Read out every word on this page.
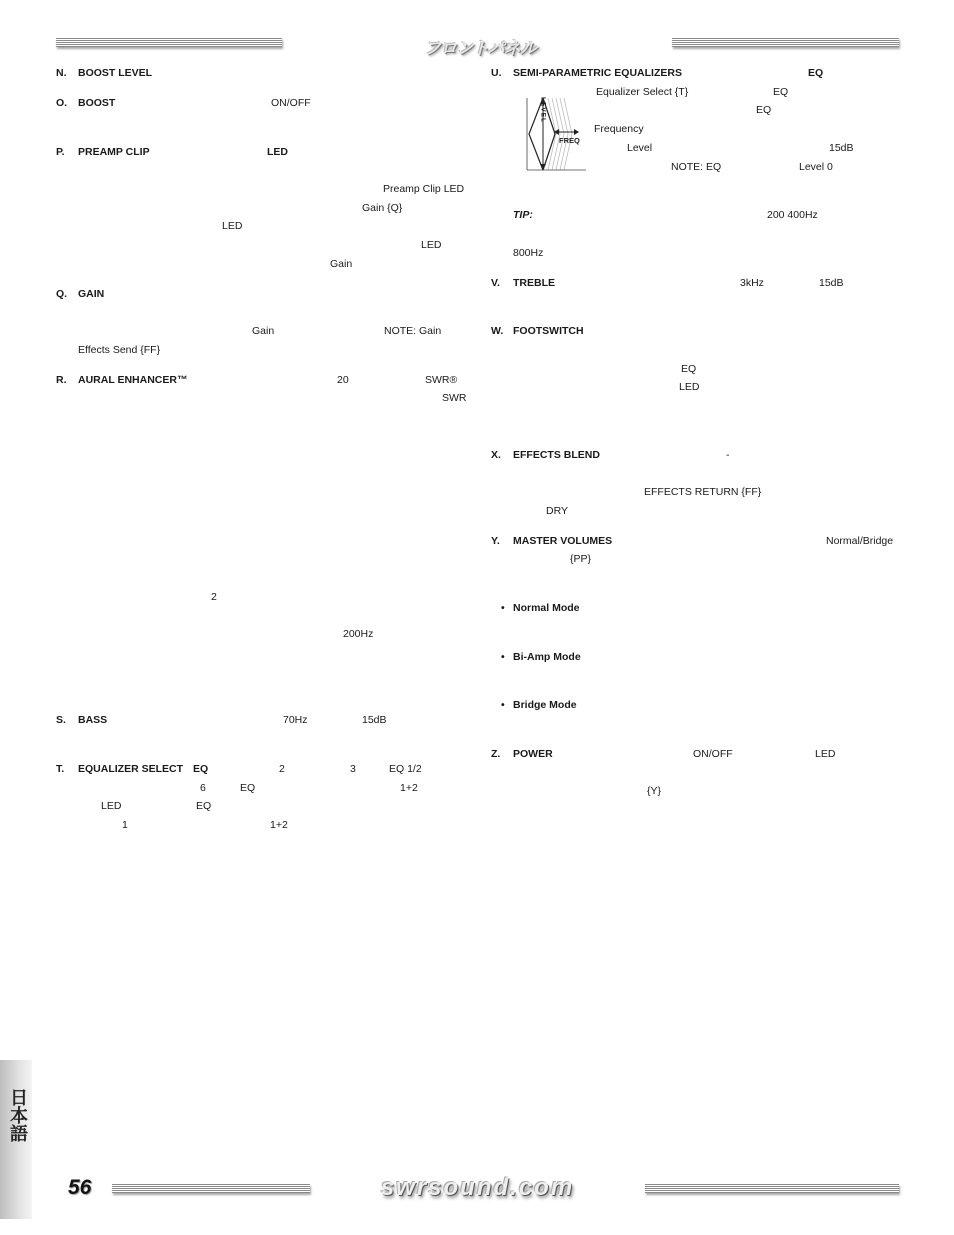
フロントパネル
N. BOOST LEVEL
O. BOOST	ON/OFF
P. PREAMP CLIP	LED
Preamp Clip LED
Gain {Q}
LED
LED
Gain
Q. GAIN
Gain	NOTE: Gain
Effects Send {FF}
R. AURAL ENHANCER™	20	SWR®
SWR
2
200Hz
S. BASS	70Hz	15dB
T. EQUALIZER SELECT EQ	2	3	EQ 1/2
6	EQ	1+2
LED	EQ
1	1+2
U. SEMI-PARAMETRIC EQUALIZERS	EQ
LEVEL
FREQ
Equalizer Select {T}	EQ
EQ
Frequency
Level	15dB
NOTE: EQ	Level 0
TIP:	200 400Hz
800Hz
V. TREBLE	3kHz	15dB
W. FOOTSWITCH
EQ
LED
X. EFFECTS BLEND	-
EFFECTS RETURN {FF}
DRY
Y. MASTER VOLUMES	Normal/Bridge
{PP}
• Normal Mode
• Bi-Amp Mode
• Bridge Mode
Z. POWER	ON/OFF	LED
{Y}
日本語
56	swrsound.com
